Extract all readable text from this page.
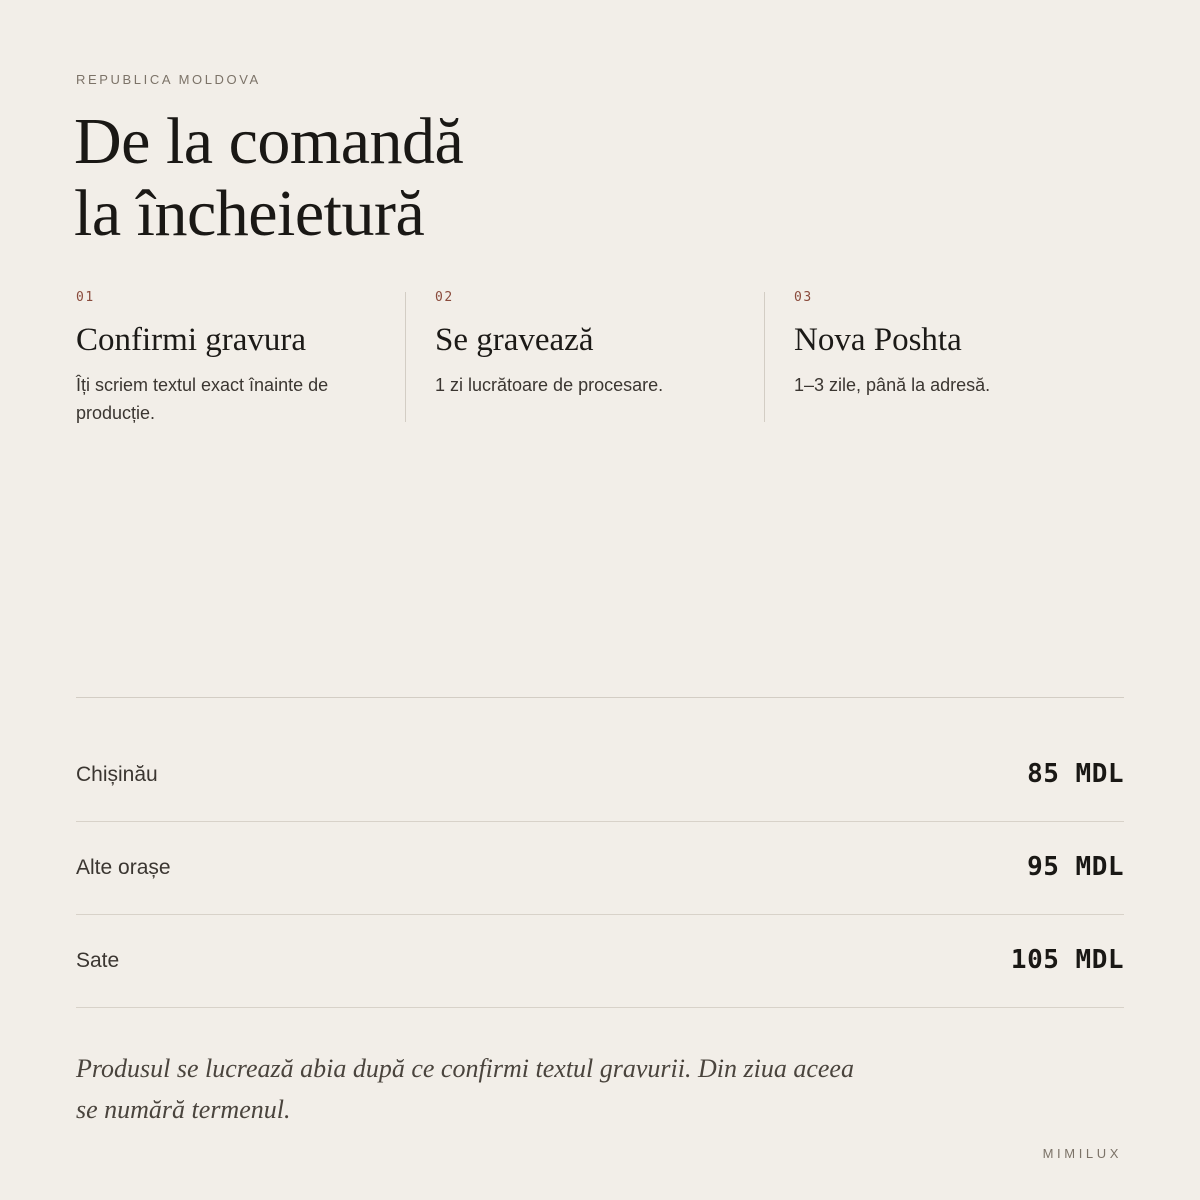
REPUBLICA MOLDOVA
De la comandă
la încheietură
01
Confirmi gravura
Îți scriem textul exact înainte de producție.
02
Se gravează
1 zi lucrătoare de procesare.
03
Nova Poshta
1–3 zile, până la adresă.
Chișinău	85 MDL
Alte orașe	95 MDL
Sate	105 MDL

Produsul se lucrează abia după ce confirmi textul gravurii. Din ziua aceea se numără termenul.

MIMILUX
